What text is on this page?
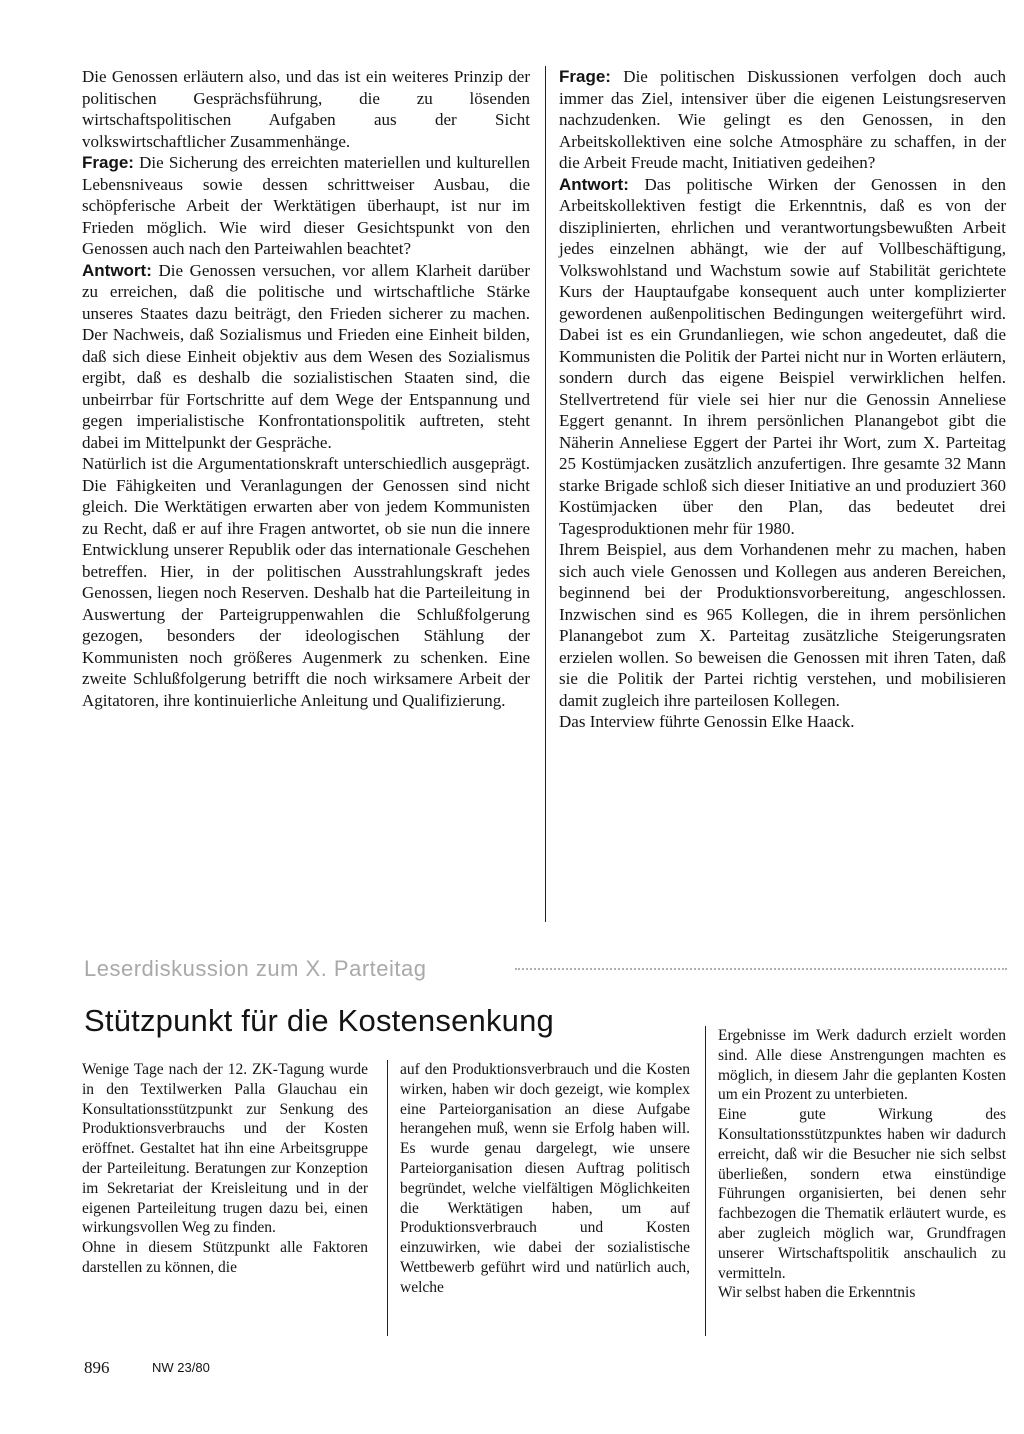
Die Genossen erläutern also, und das ist ein weiteres Prinzip der politischen Gesprächsführung, die zu lösenden wirtschaftspolitischen Aufgaben aus der Sicht volkswirtschaftlicher Zusammenhänge.

Frage: Die Sicherung des erreichten materiellen und kulturellen Lebensniveaus sowie dessen schrittweiser Ausbau, die schöpferische Arbeit der Werktätigen überhaupt, ist nur im Frieden möglich. Wie wird dieser Gesichtspunkt von den Genossen auch nach den Parteiwahlen beachtet?

Antwort: Die Genossen versuchen, vor allem Klarheit darüber zu erreichen, daß die politische und wirtschaftliche Stärke unseres Staates dazu beiträgt, den Frieden sicherer zu machen. Der Nachweis, daß Sozialismus und Frieden eine Einheit bilden, daß sich diese Einheit objektiv aus dem Wesen des Sozialismus ergibt, daß es deshalb die sozialistischen Staaten sind, die unbeirrbar für Fortschritte auf dem Wege der Entspannung und gegen imperialistische Konfrontationspolitik auftreten, steht dabei im Mittelpunkt der Gespräche.

Natürlich ist die Argumentationskraft unterschiedlich ausgeprägt. Die Fähigkeiten und Veranlagungen der Genossen sind nicht gleich. Die Werktätigen erwarten aber von jedem Kommunisten zu Recht, daß er auf ihre Fragen antwortet, ob sie nun die innere Entwicklung unserer Republik oder das internationale Geschehen betreffen. Hier, in der politischen Ausstrahlungskraft jedes Genossen, liegen noch Reserven. Deshalb hat die Parteileitung in Auswertung der Parteigruppenwahlen die Schlußfolgerung gezogen, besonders der ideologischen Stählung der Kommunisten noch größeres Augenmerk zu schenken. Eine zweite Schlußfolgerung betrifft die noch wirksamere Arbeit der Agitatoren, ihre kontinuierliche Anleitung und Qualifizierung.

Frage: Die politischen Diskussionen verfolgen doch auch immer das Ziel, intensiver über die eigenen Leistungsreserven nachzudenken. Wie gelingt es den Genossen, in den Arbeitskollektiven eine solche Atmosphäre zu schaffen, in der die Arbeit Freude macht, Initiativen gedeihen?

Antwort: Das politische Wirken der Genossen in den Arbeitskollektiven festigt die Erkenntnis, daß es von der disziplinierten, ehrlichen und verantwortungsbewußten Arbeit jedes einzelnen abhängt, wie der auf Vollbeschäftigung, Volkswohlstand und Wachstum sowie auf Stabilität gerichtete Kurs der Hauptaufgabe konsequent auch unter komplizierter gewordenen außenpolitischen Bedingungen weitergeführt wird. Dabei ist es ein Grundanliegen, wie schon angedeutet, daß die Kommunisten die Politik der Partei nicht nur in Worten erläutern, sondern durch das eigene Beispiel verwirklichen helfen. Stellvertretend für viele sei hier nur die Genossin Anneliese Eggert genannt. In ihrem persönlichen Planangebot gibt die Näherin Anneliese Eggert der Partei ihr Wort, zum X. Parteitag 25 Kostümjacken zusätzlich anzufertigen. Ihre gesamte 32 Mann starke Brigade schloß sich dieser Initiative an und produziert 360 Kostümjacken über den Plan, das bedeutet drei Tagesproduktionen mehr für 1980.

Ihrem Beispiel, aus dem Vorhandenen mehr zu machen, haben sich auch viele Genossen und Kollegen aus anderen Bereichen, beginnend bei der Produktionsvorbereitung, angeschlossen. Inzwischen sind es 965 Kollegen, die in ihrem persönlichen Planangebot zum X. Parteitag zusätzliche Steigerungsraten erzielen wollen. So beweisen die Genossen mit ihren Taten, daß sie die Politik der Partei richtig verstehen, und mobilisieren damit zugleich ihre parteilosen Kollegen.

Das Interview führte Genossin Elke Haack.

Leserdiskussion zum X. Parteitag
Stützpunkt für die Kostensenkung

Wenige Tage nach der 12. ZK-Tagung wurde in den Textilwerken Palla Glauchau ein Konsultationsstützpunkt zur Senkung des Produktionsverbrauchs und der Kosten eröffnet. Gestaltet hat ihn eine Arbeitsgruppe der Parteileitung. Beratungen zur Konzeption im Sekretariat der Kreisleitung und in der eigenen Parteileitung trugen dazu bei, einen wirkungsvollen Weg zu finden.

Ohne in diesem Stützpunkt alle Faktoren darstellen zu können, die

auf den Produktionsverbrauch und die Kosten wirken, haben wir doch gezeigt, wie komplex eine Parteiorganisation an diese Aufgabe herangehen muß, wenn sie Erfolg haben will. Es wurde genau dargelegt, wie unsere Parteiorganisation diesen Auftrag politisch begründet, welche vielfältigen Möglichkeiten die Werktätigen haben, um auf Produktionsverbrauch und Kosten einzuwirken, wie dabei der sozialistische Wettbewerb geführt wird und natürlich auch, welche

Ergebnisse im Werk dadurch erzielt worden sind. Alle diese Anstrengungen machten es möglich, in diesem Jahr die geplanten Kosten um ein Prozent zu unterbieten.

Eine gute Wirkung des Konsultationsstützpunktes haben wir dadurch erreicht, daß wir die Besucher nie sich selbst überließen, sondern etwa einstündige Führungen organisierten, bei denen sehr fachbezogen die Thematik erläutert wurde, es aber zugleich möglich war, Grundfragen unserer Wirtschaftspolitik anschaulich zu vermitteln.

Wir selbst haben die Erkenntnis

896	NW 23/80
